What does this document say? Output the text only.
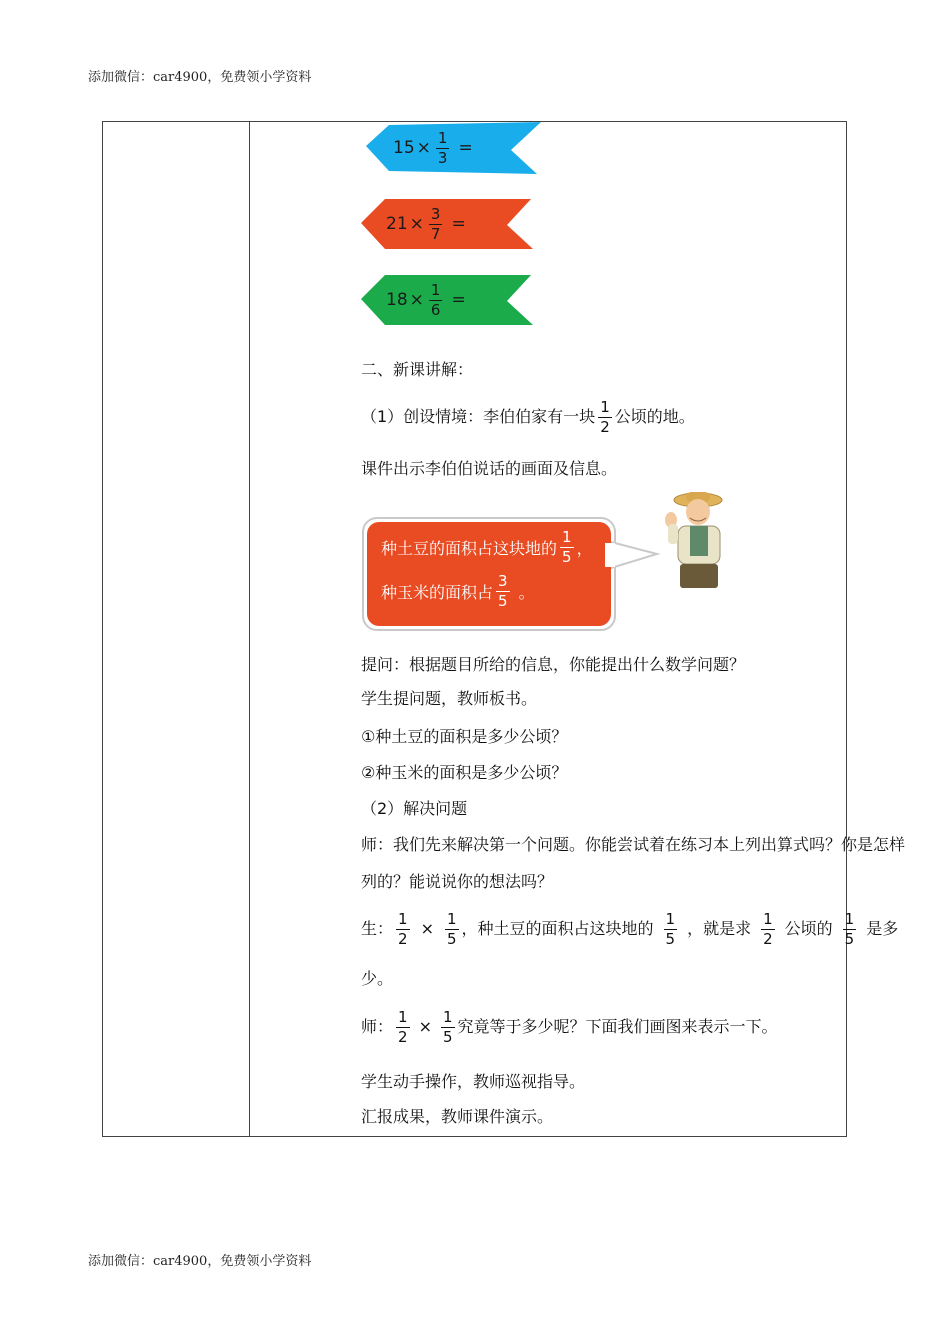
添加微信：car4900，免费领小学资料
$15 \times \frac{1}{3}$ =
$21 \times \frac{3}{7}$ =
$18 \times \frac{1}{6}$ =
二、新课讲解：
（1）创设情境：李伯伯家有一块 $\frac{1}{2}$ 公顷的地。
课件出示李伯伯说话的画面及信息。
种土豆的面积占这块地的 $\frac{1}{5}$ ，
种玉米的面积占 $\frac{3}{5}$ 。
提问：根据题目所给的信息，你能提出什么数学问题？
学生提问题，教师板书。
①种土豆的面积是多少公顷？
②种玉米的面积是多少公顷？
（2）解决问题
师：我们先来解决第一个问题。你能尝试着在练习本上列出算式吗？你是怎样
列的？能说说你的想法吗？
生： $\frac{1}{2} \times \frac{1}{5}$ ，种土豆的面积占这块地的 $\frac{1}{5}$ ，就是求 $\frac{1}{2}$ 公顷的 $\frac{1}{5}$ 是多
少。
师： $\frac{1}{2} \times \frac{1}{5}$ 究竟等于多少呢？下面我们画图来表示一下。
学生动手操作，教师巡视指导。
汇报成果，教师课件演示。
添加微信：car4900，免费领小学资料
